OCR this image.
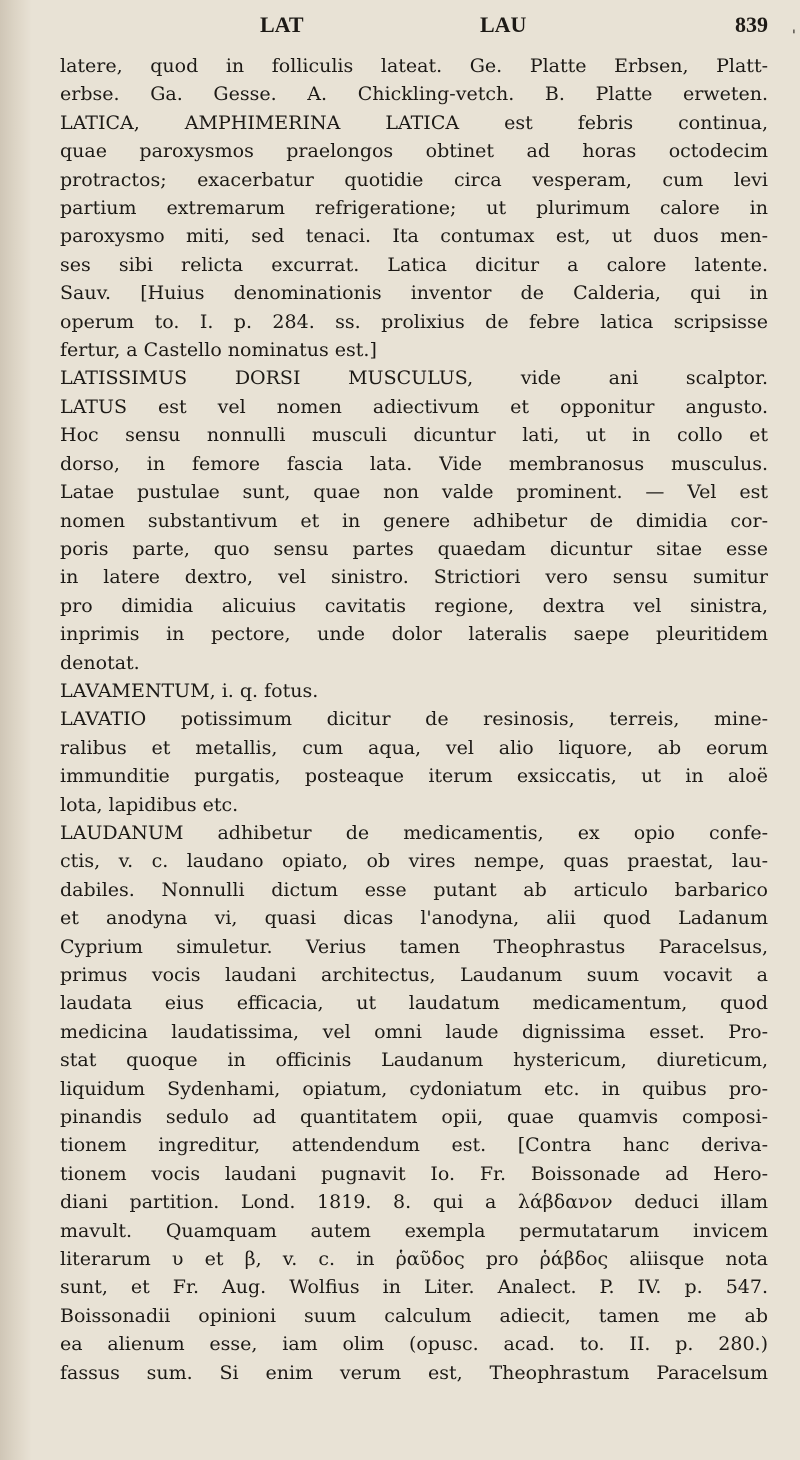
LAT	LAU	839 '
latere, quod in folliculis lateat. Ge. Platte Erbsen, Platt-
erbse. Ga. Gesse. A. Chickling-vetch. B. Platte erweten.
LATICA, AMPHIMERINA LATICA est febris continua,
quae paroxysmos praelongos obtinet ad horas octodecim
protractos; exacerbatur quotidie circa vesperam, cum levi
partium extremarum refrigeratione; ut plurimum calore in
paroxysmo miti, sed tenaci. Ita contumax est, ut duos men-
ses sibi relicta excurrat. Latica dicitur a calore latente.
Sauv. [Huius denominationis inventor de Calderia, qui in
operum to. I. p. 284. ss. prolixius de febre latica scripsisse
fertur, a Castello nominatus est.]
LATISSIMUS DORSI MUSCULUS, vide ani scalptor.
LATUS est vel nomen adiectivum et opponitur angusto.
Hoc sensu nonnulli musculi dicuntur lati, ut in collo et
dorso, in femore fascia lata. Vide membranosus musculus.
Latae pustulae sunt, quae non valde prominent. — Vel est
nomen substantivum et in genere adhibetur de dimidia cor-
poris parte, quo sensu partes quaedam dicuntur sitae esse
in latere dextro, vel sinistro. Strictiori vero sensu sumitur
pro dimidia alicuius cavitatis regione, dextra vel sinistra,
inprimis in pectore, unde dolor lateralis saepe pleuritidem
denotat.
LAVAMENTUM, i. q. fotus.
LAVATIO potissimum dicitur de resinosis, terreis, mine-
ralibus et metallis, cum aqua, vel alio liquore, ab eorum
immunditie purgatis, posteaque iterum exsiccatis, ut in aloë
lota, lapidibus etc.
LAUDANUM adhibetur de medicamentis, ex opio confe-
ctis, v. c. laudano opiato, ob vires nempe, quas praestat, lau-
dabiles. Nonnulli dictum esse putant ab articulo barbarico
et anodyna vi, quasi dicas l'anodyna, alii quod Ladanum
Cyprium simuletur. Verius tamen Theophrastus Paracelsus,
primus vocis laudani architectus, Laudanum suum vocavit a
laudata eius efficacia, ut laudatum medicamentum, quod
medicina laudatissima, vel omni laude dignissima esset. Pro-
stat quoque in officinis Laudanum hystericum, diureticum,
liquidum Sydenhami, opiatum, cydoniatum etc. in quibus pro-
pinandis sedulo ad quantitatem opii, quae quamvis composi-
tionem ingreditur, attendendum est. [Contra hanc deriva-
tionem vocis laudani pugnavit Io. Fr. Boissonade ad Hero-
diani partition. Lond. 1819. 8. qui a λάβδανον deduci illam
mavult. Quamquam autem exempla permutatarum invicem
literarum υ et β, v. c. in ῥαῦδος pro ῥάβδος aliisque nota
sunt, et Fr. Aug. Wolfius in Liter. Analect. P. IV. p. 547.
Boissonadii opinioni suum calculum adiecit, tamen me ab
ea alienum esse, iam olim (opusc. acad. to. II. p. 280.)
fassus sum. Si enim verum est, Theophrastum Paracelsum
